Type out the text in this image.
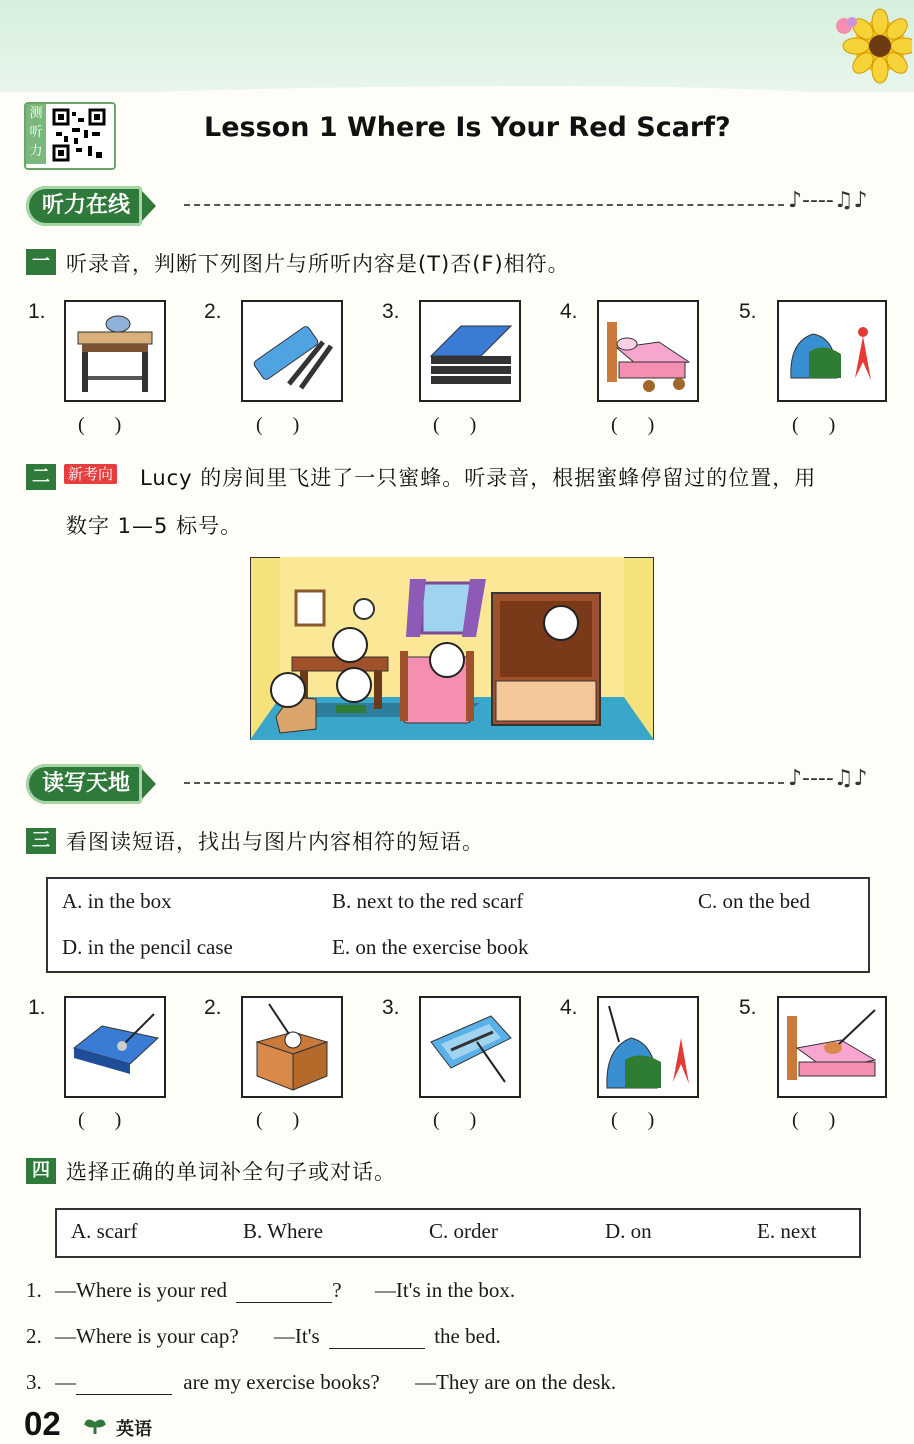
测听力
Lesson 1 Where Is Your Red Scarf?
听力在线	♪----♫♪
一 听录音，判断下列图片与所听内容是(T)否(F)相符。
1.	2.	3.	4.	5.
(      )	(      )	(      )	(      )	(      )
二	新考向 Lucy 的房间里飞进了一只蜜蜂。听录音，根据蜜蜂停留过的位置，用
数字 1—5 标号。
读写天地	♪----♫♪
三 看图读短语，找出与图片内容相符的短语。
A. in the box	B. next to the red scarf	C. on the bed
D. in the pencil case	E. on the exercise book
1.	2.	3.	4.	5.
(      )	(      )	(      )	(      )	(      )
四 选择正确的单词补全句子或对话。
A. scarf	B. Where	C. order	D. on	E. next
1. —Where is your red	? —It's in the box.
2. —Where is your cap? —It's	the bed.
3. —	are my exercise books? —They are on the desk.
02	英语
